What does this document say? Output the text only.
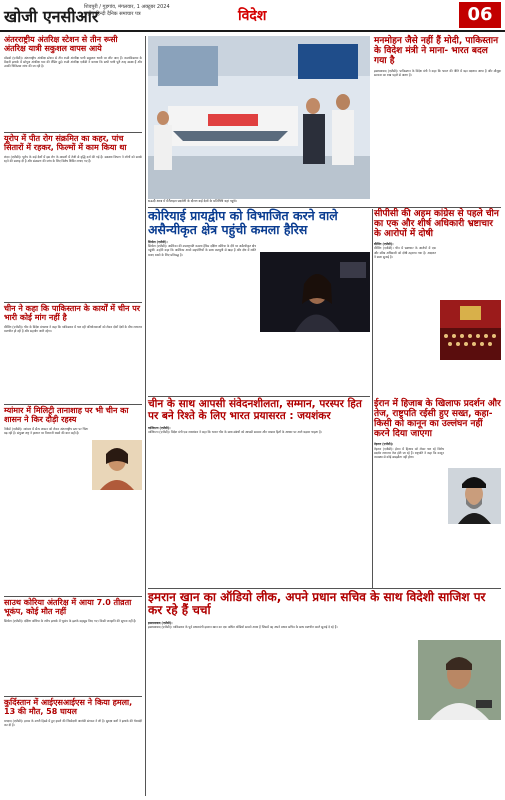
खोजी एनसीआर
शिवपुरी / गुड़गांव, मंगलवार, 1 अक्टूबर 2024
राष्ट्रीय हिन्दी दैनिक समाचार पत्र	विदेश	06
अंतरराष्ट्रीय अंतरिक्ष स्टेशन से तीन रूसी अंतरिक्ष यात्री सकुशल वापस आये
मॉस्को (एजेंसी)। अंतरराष्ट्रीय अंतरिक्ष स्टेशन से तीन रूसी अंतरिक्ष यात्री सकुशल धरती पर लौट आए हैं। कजाकिस्तान के मैदानी इलाके में सोयूज अंतरिक्ष यान की लैंडिंग हुई। रूसी अंतरिक्ष एजेंसी ने बताया कि सभी यात्री पूरी तरह स्वस्थ हैं और उनकी चिकित्सा जांच की जा रही है।
यूरोप में पीत रोग संक्रमित का कहर, पांच सितारों में रहकर, फिल्मों में काम किया था
लंदन (एजेंसी)। यूरोप के कई देशों में इस रोग के मामलों में तेजी से वृद्धि दर्ज की गई है। स्वास्थ्य विभाग ने लोगों को सतर्क रहने की सलाह दी है और संक्रमण की जांच के लिए विशेष शिविर लगाए गए हैं।
चीन ने कहा कि पाकिस्तान के कार्यों में चीन पर भारी कोई मांग नहीं है
बीजिंग (एजेंसी)। चीन के विदेश मंत्रालय ने कहा कि पाकिस्तान में चल रही परियोजनाओं को लेकर दोनों देशों के बीच लगातार बातचीत हो रही है और सहयोग जारी रहेगा।
म्यांमार में मिलिट्री तानाशाह पर भी चीन का शासन ने किर दौड़ी रहस्य
नैपीडॉ (एजेंसी)। म्यांमार में सैन्य शासन को लेकर अंतरराष्ट्रीय स्तर पर चिंता बढ़ रही है। संयुक्त राष्ट्र ने हालात पर निगरानी रखने की बात कही है।
साउथ कोरिया अंतरिक्ष में आया 7.0 तीव्रता भूकंप, कोई मौत नहीं
सियोल (एजेंसी)। दक्षिण कोरिया के तटीय इलाके में भूकंप के झटके महसूस किए गए। किसी जनहानि की सूचना नहीं है।
कुर्दिस्तान में आईएसआईएस ने किया हमला, 13 की मौत, 58 घायल
बगदाद (एजेंसी)। इराक के उत्तरी हिस्से में हुए हमले की जिम्मेदारी आतंकी संगठन ने ली है। सुरक्षा बलों ने इलाके की घेराबंदी कर दी है।
सऊदी अरब में मैरीटाइम प्रदर्शनी के दौरान कई देशों के प्रतिनिधि यहां पहुंचे।
मनमोहन जैसे नहीं हैं मोदी, पाकिस्तान के विदेश मंत्री ने माना- भारत बदल गया है
इस्लामाबाद (एजेंसी)। पाकिस्तान के विदेश मंत्री ने कहा कि भारत की नीति में बड़ा बदलाव आया है और मौजूदा सरकार का रुख पहले से अलग है।
कोरियाई प्रायद्वीप को विभाजित करने वाले असैन्यीकृत क्षेत्र पहुंची कमला हैरिस
सियोल (एजेंसी)।
सियोल (एजेंसी)। अमेरिका की उपराष्ट्रपति कमला हैरिस दक्षिण कोरिया के दौरे पर असैन्यीकृत क्षेत्र पहुंचीं। उन्होंने कहा कि अमेरिका अपने सहयोगियों के साथ मजबूती से खड़ा है और क्षेत्र में शांति बनाए रखने के लिए प्रतिबद्ध है।
सीपीसी की अहम कांग्रेस से पहले चीन का एक और शीर्ष अधिकारी भ्रष्टाचार के आरोपों में दोषी
बीजिंग (एजेंसी)।
बीजिंग (एजेंसी)। चीन में भ्रष्टाचार के आरोपों में एक और वरिष्ठ अधिकारी को दोषी ठहराया गया है। अदालत ने सजा सुनाई है।
चीन के साथ आपसी संवेदनशीलता, सम्मान, परस्पर हित पर बने रिश्ते के लिए भारत प्रयासरत : जयशंकर
वाशिंगटन (एजेंसी)।
वाशिंगटन (एजेंसी)। विदेश मंत्री एस जयशंकर ने कहा कि भारत चीन के साथ संबंधों को आपसी सम्मान और परस्पर हितों के आधार पर आगे बढ़ाना चाहता है।
ईरान में हिजाब के खिलाफ प्रदर्शन और तेज, राष्ट्रपति रईसी हुए सख्त, कहा- किसी को कानून का उल्लंघन नहीं करने दिया जाएगा
तेहरान (एजेंसी)।
तेहरान (एजेंसी)। ईरान में हिजाब को लेकर चल रहे विरोध प्रदर्शन लगातार तेज होते जा रहे हैं। राष्ट्रपति ने कहा कि कानून व्यवस्था से कोई समझौता नहीं होगा।
इमरान खान का ऑडियो लीक, अपने प्रधान सचिव के साथ विदेशी साजिश पर कर रहे हैं चर्चा
इस्लामाबाद (एजेंसी)।
इस्लामाबाद (एजेंसी)। पाकिस्तान के पूर्व प्रधानमंत्री इमरान खान का एक कथित ऑडियो सामने आया है जिसमें वह अपने प्रधान सचिव के साथ बातचीत करते सुनाई दे रहे हैं।
